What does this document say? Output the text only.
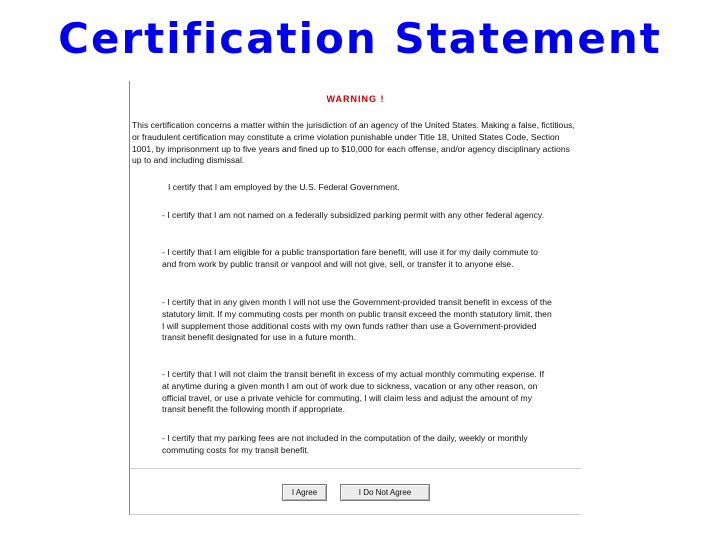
Certification Statement
WARNING !
This certification concerns a matter within the jurisdiction of an agency of the United States. Making a false, fictitious, or fraudulent certification may constitute a crime violation punishable under Title 18, United States Code, Section 1001, by imprisonment up to five years and fined up to $10,000 for each offense, and/or agency disciplinary actions up to and including dismissal.
I certify that I am employed by the U.S. Federal Government.
- I certify that I am not named on a federally subsidized parking permit with any other federal agency.
- I certify that I am eligible for a public transportation fare benefit, will use it for my daily commute to and from work by public transit or vanpool and will not give, sell, or transfer it to anyone else.
- I certify that in any given month I will not use the Government-provided transit benefit in excess of the statutory limit. If my commuting costs per month on public transit exceed the month statutory limit, then I will supplement those additional costs with my own funds rather than use a Government-provided transit benefit designated for use in a future month.
- I certify that I will not claim the transit benefit in excess of my actual monthly commuting expense. If at anytime during a given month I am out of work due to sickness, vacation or any other reason, on official travel, or use a private vehicle for commuting, I will claim less and adjust the amount of my transit benefit the following month if appropriate.
- I certify that my parking fees are not included in the computation of the daily, weekly or monthly commuting costs for my transit benefit.
I Agree	I Do Not Agree
